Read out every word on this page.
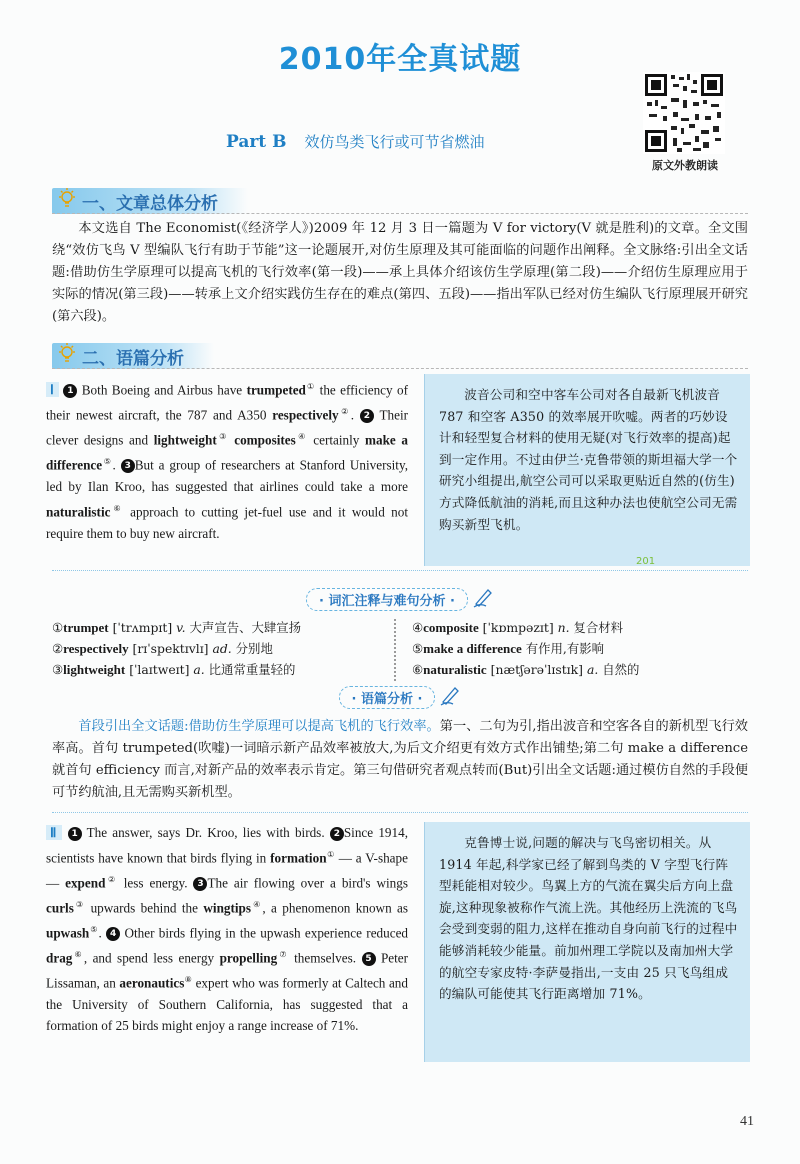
2010年全真试题
Part B 效仿鸟类飞行或可节省燃油
原文外教朗读
一、文章总体分析

本文选自 The Economist(《经济学人》)2009 年 12 月 3 日一篇题为 V for victory(V 就是胜利)的文章。全文围绕“效仿飞鸟 V 型编队飞行有助于节能”这一论题展开,对仿生原理及其可能面临的问题作出阐释。全文脉络:引出全文话题:借助仿生学原理可以提高飞机的飞行效率(第一段)——承上具体介绍该仿生学原理(第二段)——介绍仿生原理应用于实际的情况(第三段)——转承上文介绍实践仿生存在的难点(第四、五段)——指出军队已经对仿生编队飞行原理展开研究(第六段)。

二、语篇分析
Ⅰ 1 Both Boeing and Airbus have trumpeted① the efficiency of their newest aircraft, the 787 and A350 respectively②. 2 Their clever designs and lightweight③ composites④ certainly make a difference⑤. 3 But a group of researchers at Stanford University, led by Ilan Kroo, has suggested that airlines could take a more naturalistic⑥ approach to cutting jet-fuel use and it would not require them to buy new aircraft.
波音公司和空中客车公司对各自最新飞机波音 787 和空客 A350 的效率展开吹嘘。两者的巧妙设计和轻型复合材料的使用无疑(对飞行效率的提高)起到一定作用。不过由伊兰·克鲁带领的斯坦福大学一个研究小组提出,航空公司可以采取更贴近自然的(仿生)方式降低航油的消耗,而且这种办法也使航空公司无需购买新型飞机。
201
· 词汇注释与难句分析 ·
①trumpet [ˈtrʌmpɪt] v. 大声宣告、大肆宣扬
②respectively [rɪˈspektɪvlɪ] ad. 分别地
③lightweight [ˈlaɪtweɪt] a. 比通常重量轻的
④composite [ˈkɒmpəzɪt] n. 复合材料
⑤make a difference 有作用,有影响
⑥naturalistic [nætʃərəˈlɪstɪk] a. 自然的
· 语篇分析 ·
首段引出全文话题:借助仿生学原理可以提高飞机的飞行效率。第一、二句为引,指出波音和空客各自的新机型飞行效率高。首句 trumpeted(吹嘘)一词暗示新产品效率被放大,为后文介绍更有效方式作出铺垫;第二句 make a difference 就首句 efficiency 而言,对新产品的效率表示肯定。第三句借研究者观点转而(But)引出全文话题:通过模仿自然的手段便可节约航油,且无需购买新机型。
Ⅱ 1 The answer, says Dr. Kroo, lies with birds. 2 Since 1914, scientists have known that birds flying in formation① — a V-shape — expend② less energy. 3 The air flowing over a bird's wings curls③ upwards behind the wingtips④, a phenomenon known as upwash⑤. 4 Other birds flying in the upwash experience reduced drag⑥, and spend less energy propelling⑦ themselves. 5 Peter Lissaman, an aeronautics⑧ expert who was formerly at Caltech and the University of Southern California, has suggested that a formation of 25 birds might enjoy a range increase of 71%.
克鲁博士说,问题的解决与飞鸟密切相关。从 1914 年起,科学家已经了解到鸟类的 V 字型飞行阵型耗能相对较少。鸟翼上方的气流在翼尖后方向上盘旋,这种现象被称作气流上洗。其他经历上洗流的飞鸟会受到变弱的阻力,这样在推动自身向前飞行的过程中能够消耗较少能量。前加州理工学院以及南加州大学的航空专家皮特·李萨曼指出,一支由 25 只飞鸟组成的编队可能使其飞行距离增加 71%。
41
